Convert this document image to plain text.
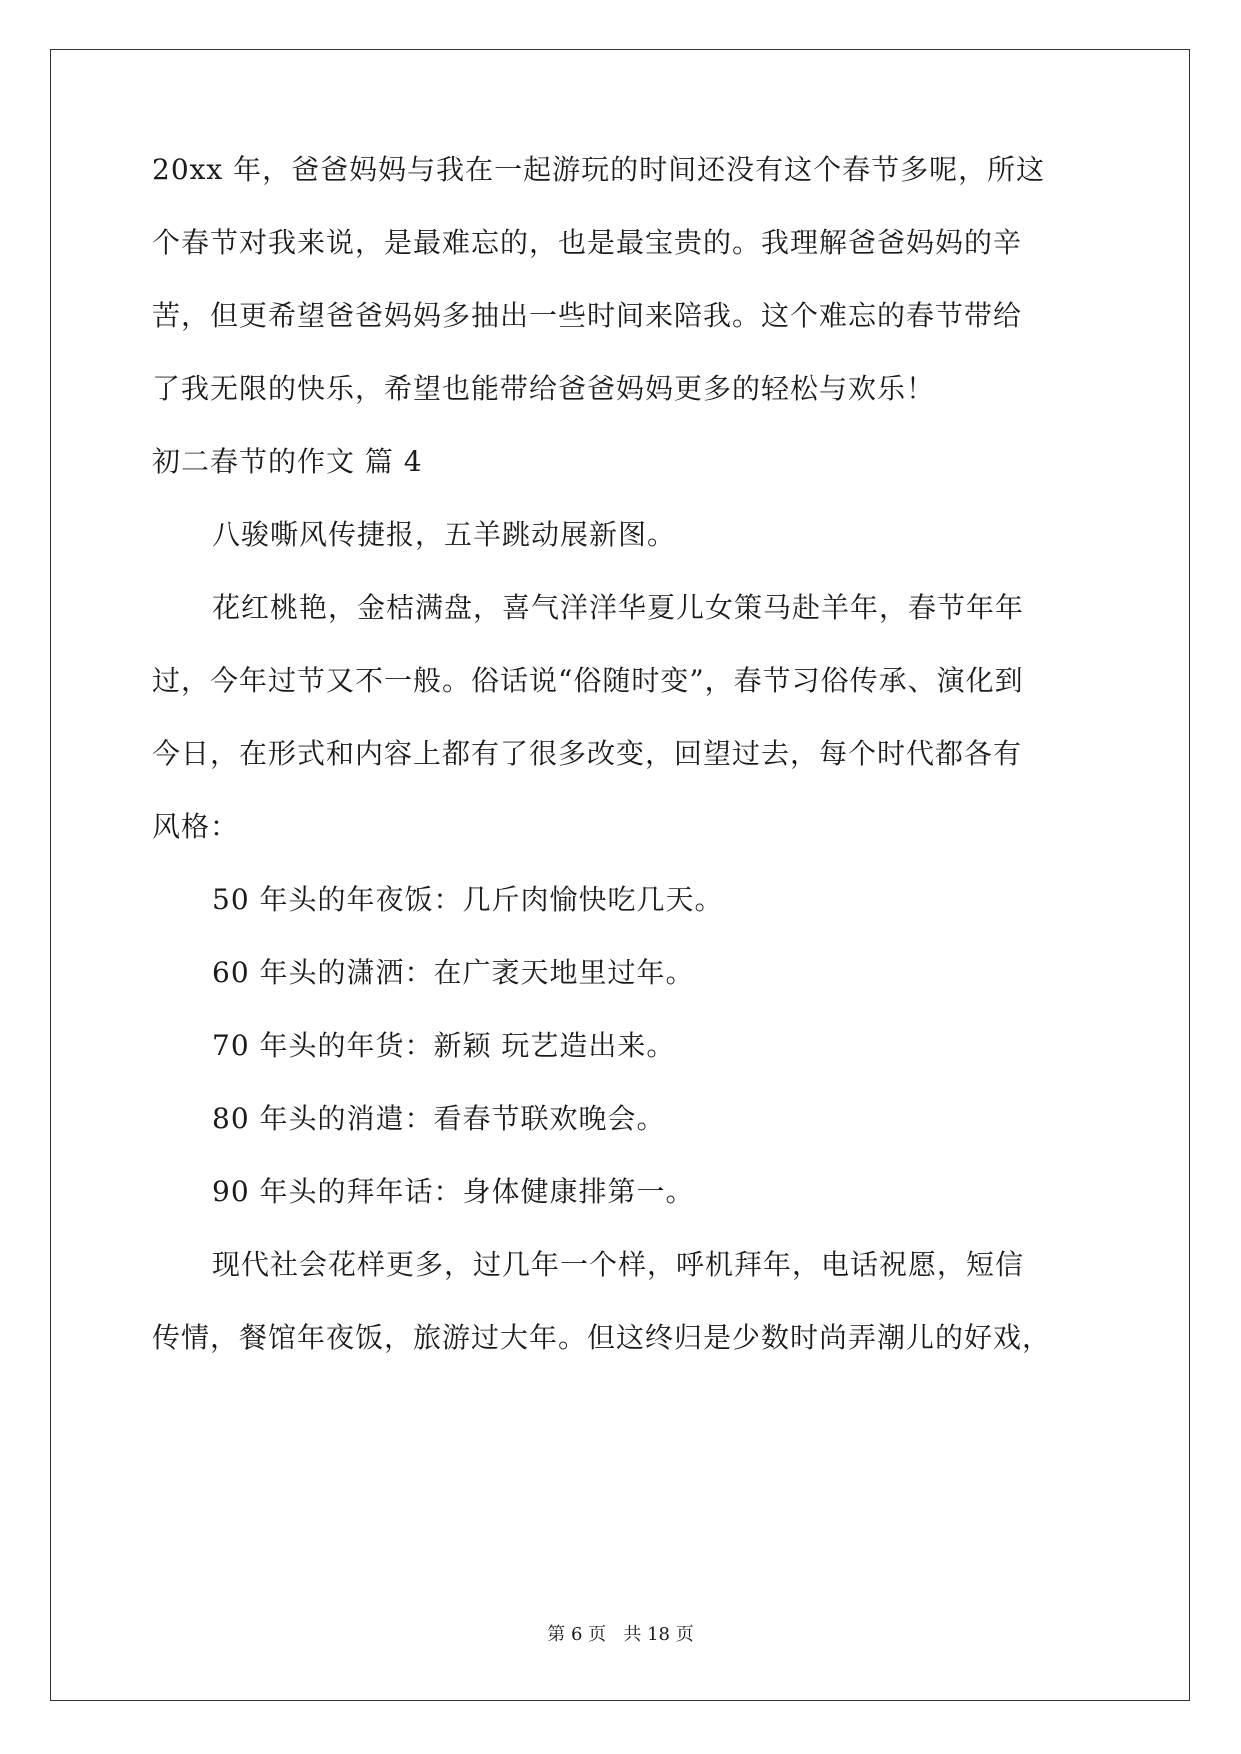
20xx 年，爸爸妈妈与我在一起游玩的时间还没有这个春节多呢，所这
个春节对我来说，是最难忘的，也是最宝贵的。我理解爸爸妈妈的辛
苦，但更希望爸爸妈妈多抽出一些时间来陪我。这个难忘的春节带给
了我无限的快乐，希望也能带给爸爸妈妈更多的轻松与欢乐！
初二春节的作文 篇 4
八骏嘶风传捷报，五羊跳动展新图。
花红桃艳，金桔满盘，喜气洋洋华夏儿女策马赴羊年，春节年年
过，今年过节又不一般。俗话说“俗随时变”，春节习俗传承、演化到
今日，在形式和内容上都有了很多改变，回望过去，每个时代都各有
风格：
50 年头的年夜饭：几斤肉愉快吃几天。
60 年头的潇洒：在广袤天地里过年。
70 年头的年货：新颖 玩艺造出来。
80 年头的消遣：看春节联欢晚会。
90 年头的拜年话：身体健康排第一。
现代社会花样更多，过几年一个样，呼机拜年，电话祝愿，短信
传情，餐馆年夜饭，旅游过大年。但这终归是少数时尚弄潮儿的好戏，
第 6 页   共 18 页
